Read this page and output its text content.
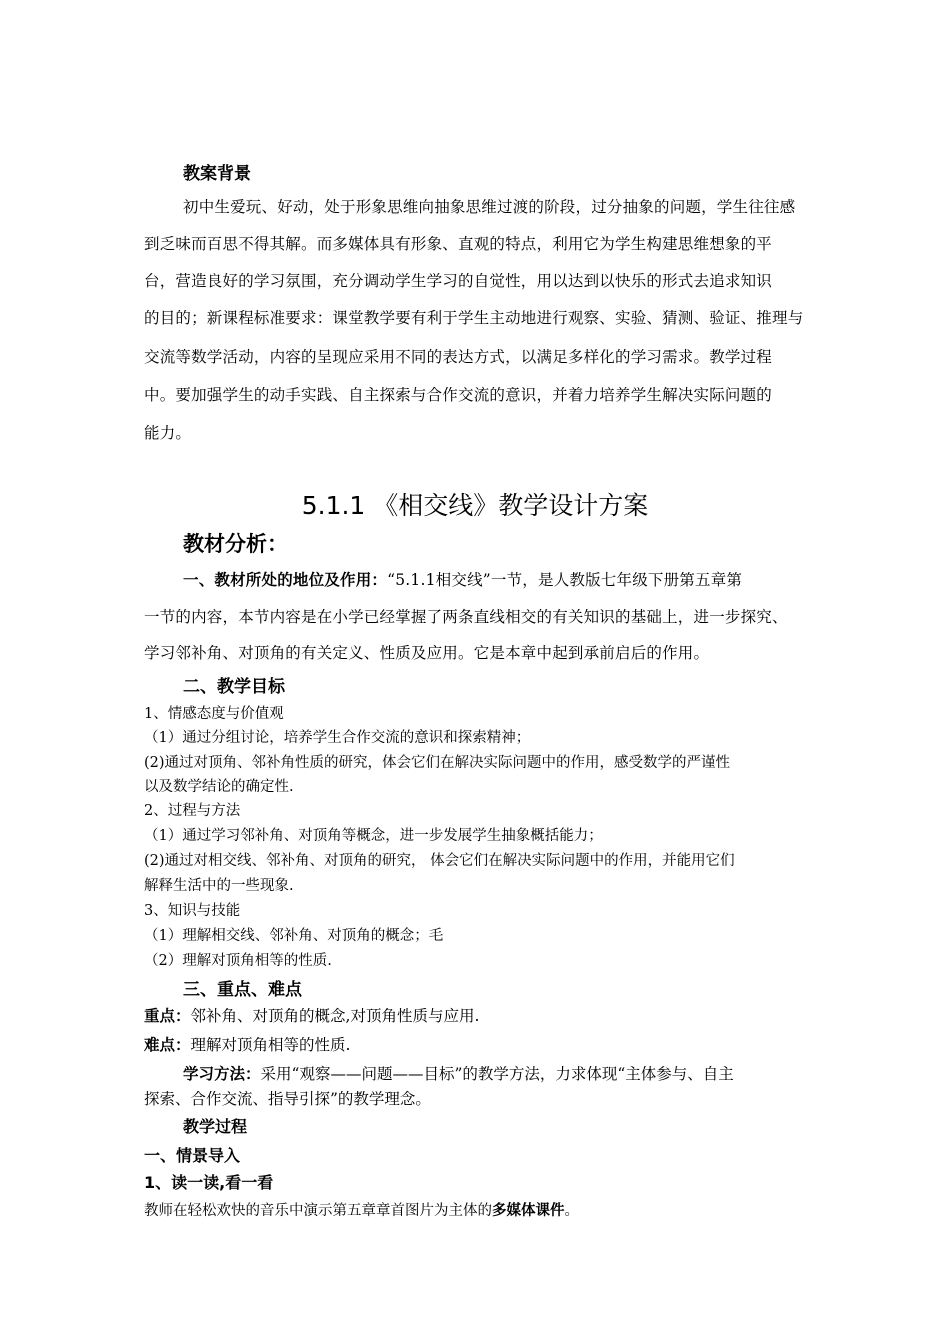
教案背景
初中生爱玩、好动，处于形象思维向抽象思维过渡的阶段，过分抽象的问题，学生往往感
到乏味而百思不得其解。而多媒体具有形象、直观的特点，利用它为学生构建思维想象的平
台，营造良好的学习氛围，充分调动学生学习的自觉性，用以达到以快乐的形式去追求知识
的目的；新课程标准要求：课堂教学要有利于学生主动地进行观察、实验、猜测、验证、推理与
交流等数学活动，内容的呈现应采用不同的表达方式，以满足多样化的学习需求。教学过程
中。要加强学生的动手实践、自主探索与合作交流的意识，并着力培养学生解决实际问题的
能力。
5.1.1 《相交线》教学设计方案
教材分析：
一、教材所处的地位及作用：“5.1.1相交线”一节，是人教版七年级下册第五章第
一节的内容，本节内容是在小学已经掌握了两条直线相交的有关知识的基础上，进一步探究、
学习邻补角、对顶角的有关定义、性质及应用。它是本章中起到承前启后的作用。
二、教学目标
1、情感态度与价值观
（1）通过分组讨论，培养学生合作交流的意识和探索精神；
(2)通过对顶角、邻补角性质的研究，体会它们在解决实际问题中的作用，感受数学的严谨性
以及数学结论的确定性.
2、过程与方法
（1）通过学习邻补角、对顶角等概念，进一步发展学生抽象概括能力；
(2)通过对相交线、邻补角、对顶角的研究， 体会它们在解决实际问题中的作用，并能用它们
解释生活中的一些现象.
3、知识与技能
（1）理解相交线、邻补角、对顶角的概念；毛
（2）理解对顶角相等的性质.
三、重点、难点
重点：邻补角、对顶角的概念,对顶角性质与应用.
难点：理解对顶角相等的性质.
学习方法：采用“观察——问题——目标”的教学方法，力求体现“主体参与、自主
探索、合作交流、指导引探”的教学理念。
教学过程
一、情景导入
1、读一读,看一看
教师在轻松欢快的音乐中演示第五章章首图片为主体的多媒体课件。
